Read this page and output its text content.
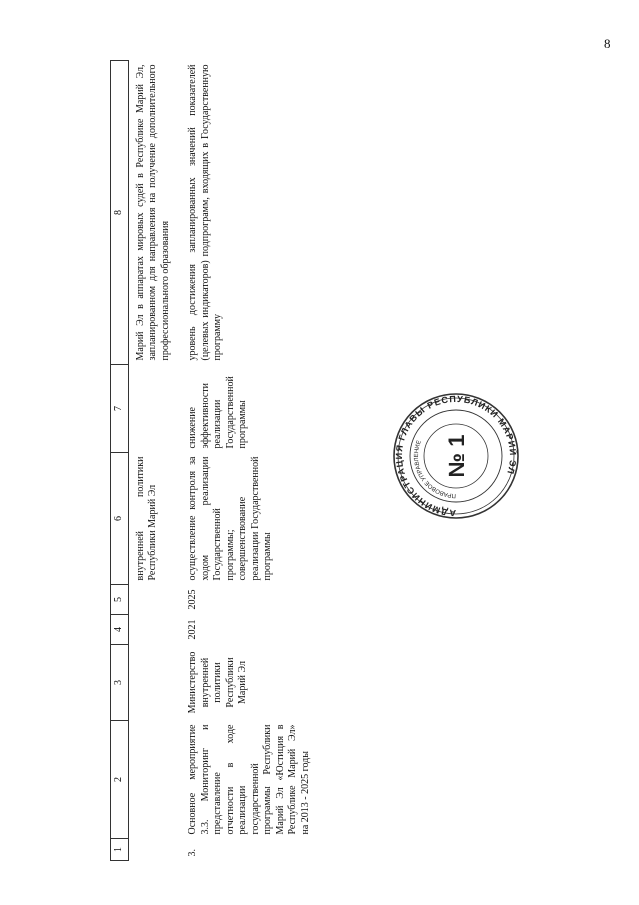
8
1	2	3	4	5	6	7	8
					внутренней политики Республики Марий Эл		Марий Эл в аппаратах мировых судей в Республике Марий Эл, запланированном для направления на получение дополнительного профессионального образования
3.	Основное мероприятие 3.3. Мониторинг и представление отчетности в ходе реализации государственной программы Республики Марий Эл «Юстиция в Республике Марий Эл» на 2013 - 2025 годы	Министерство внутренней политики Республики Марий Эл	2021	2025	осуществление контроля за ходом реализации Государственной программы; совершенствование реализации Государственной программы	снижение эффективности реализации Государственной программы	уровень достижения запланированных значений показателей (целевых индикаторов) подпрограмм, входящих в Государственную программу
АДМИНИСТРАЦИЯ ГЛАВЫ РЕСПУБЛИКИ МАРИЙ ЭЛ
ПРАВОВОЕ УПРАВЛЕНИЕ № 1
